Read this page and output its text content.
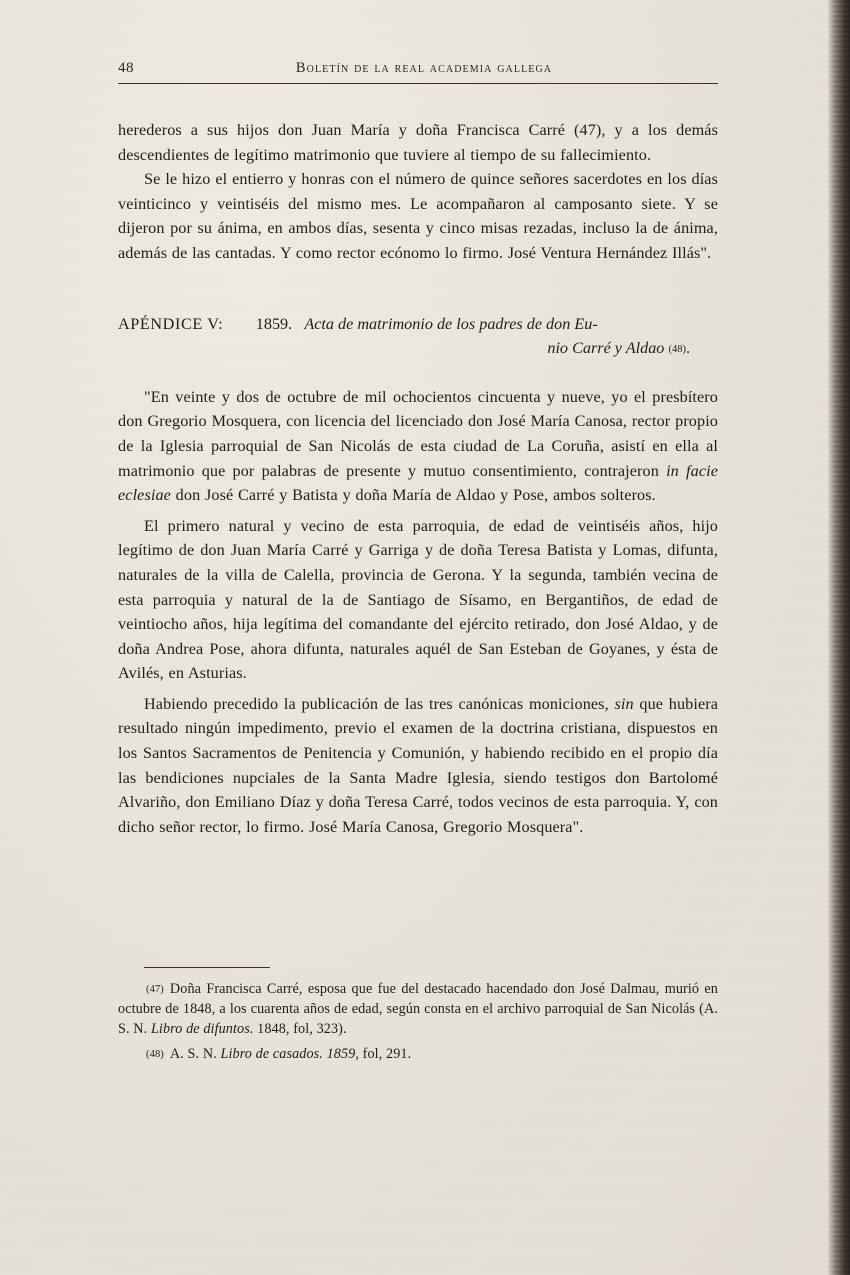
48	boletín de la real academia gallega

herederos a sus hijos don Juan María y doña Francisca Carré (47), y a los demás descendientes de legítimo matrimonio que tuviere al tiempo de su fallecimiento.

Se le hizo el entierro y honras con el número de quince señores sacerdotes en los días veinticinco y veintiséis del mismo mes. Le acompañaron al camposanto siete. Y se dijeron por su ánima, en ambos días, sesenta y cinco misas rezadas, incluso la de ánima, además de las cantadas. Y como rector ecónomo lo firmo. José Ventura Hernández Illás".

APÉNDICE V: 1859. Acta de matrimonio de los padres de don Eu-
nio Carré y Aldao (48).

"En veinte y dos de octubre de mil ochocientos cincuenta y nueve, yo el presbítero don Gregorio Mosquera, con licencia del licenciado don José María Canosa, rector propio de la Iglesia parroquial de San Nicolás de esta ciudad de La Coruña, asistí en ella al matrimonio que por palabras de presente y mutuo consentimiento, contrajeron in facie eclesiae don José Carré y Batista y doña María de Aldao y Pose, ambos solteros.

El primero natural y vecino de esta parroquia, de edad de veintiséis años, hijo legítimo de don Juan María Carré y Garriga y de doña Teresa Batista y Lomas, difunta, naturales de la villa de Calella, provincia de Gerona. Y la segunda, también vecina de esta parroquia y natural de la de Santiago de Sísamo, en Bergantiños, de edad de veintiocho años, hija legítima del comandante del ejército retirado, don José Aldao, y de doña Andrea Pose, ahora difunta, naturales aquél de San Esteban de Goyanes, y ésta de Avilés, en Asturias.

Habiendo precedido la publicación de las tres canónicas moniciones, sin que hubiera resultado ningún impedimento, previo el examen de la doctrina cristiana, dispuestos en los Santos Sacramentos de Penitencia y Comunión, y habiendo recibido en el propio día las bendiciones nupciales de la Santa Madre Iglesia, siendo testigos don Bartolomé Alvariño, don Emiliano Díaz y doña Teresa Carré, todos vecinos de esta parroquia. Y, con dicho señor rector, lo firmo. José María Canosa, Gregorio Mosquera".

(47) Doña Francisca Carré, esposa que fue del destacado hacendado don José Dalmau, murió en octubre de 1848, a los cuarenta años de edad, según consta en el archivo parroquial de San Nicolás (A. S. N. Libro de difuntos. 1848, fol, 323).

(48) A. S. N. Libro de casados. 1859, fol, 291.
